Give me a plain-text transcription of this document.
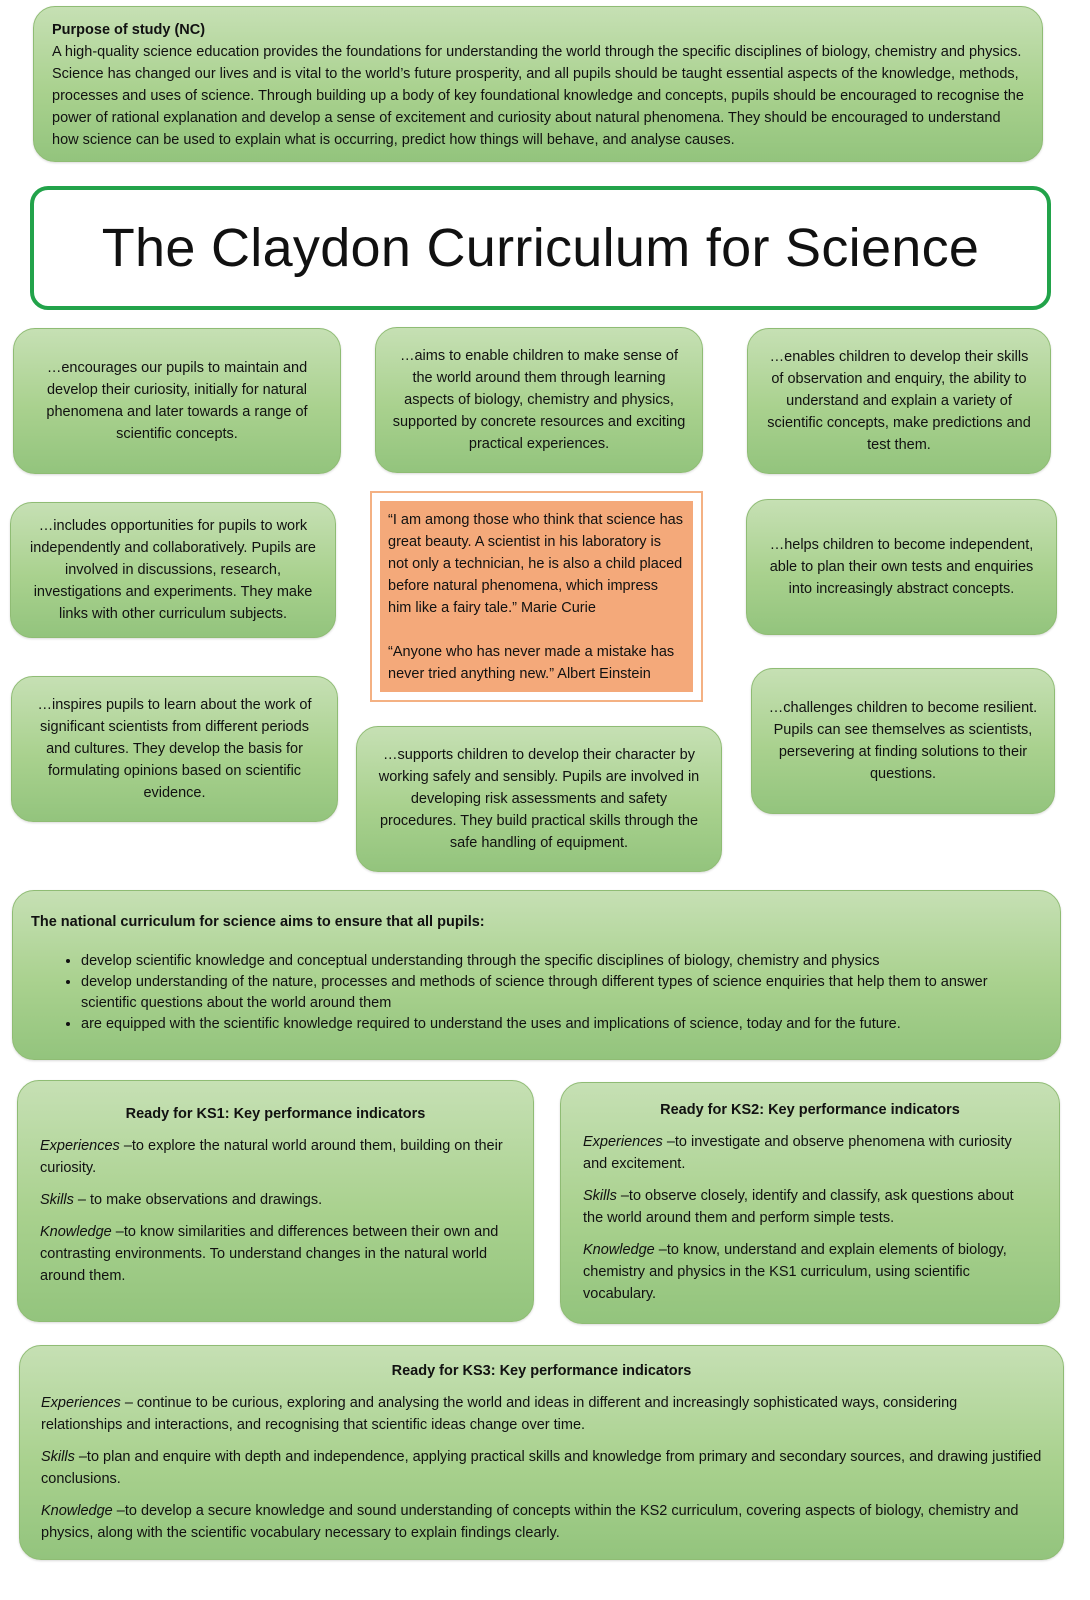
Purpose of study (NC)
A high-quality science education provides the foundations for understanding the world through the specific disciplines of biology, chemistry and physics. Science has changed our lives and is vital to the world’s future prosperity, and all pupils should be taught essential aspects of the knowledge, methods, processes and uses of science. Through building up a body of key foundational knowledge and concepts, pupils should be encouraged to recognise the power of rational explanation and develop a sense of excitement and curiosity about natural phenomena. They should be encouraged to understand how science can be used to explain what is occurring, predict how things will behave, and analyse causes.
The Claydon Curriculum for Science
…encourages our pupils to maintain and develop their curiosity, initially for natural phenomena and later towards a range of scientific concepts.
…aims to enable children to make sense of the world around them through learning aspects of biology, chemistry and physics, supported by concrete resources and exciting practical experiences.
…enables children to develop their skills of observation and enquiry, the ability to understand and explain a variety of scientific concepts, make predictions and test them.
…includes opportunities for pupils to work independently and collaboratively. Pupils are involved in discussions, research, investigations and experiments. They make links with other curriculum subjects.
…helps children to become independent, able to plan their own tests and enquiries into increasingly abstract concepts.
…inspires pupils to learn about the work of significant scientists from different periods and cultures. They develop the basis for formulating opinions based on scientific evidence.
…supports children to develop their character by working safely and sensibly. Pupils are involved in developing risk assessments and safety procedures. They build practical skills through the safe handling of equipment.
…challenges children to become resilient. Pupils can see themselves as scientists, persevering at finding solutions to their questions.

“I am among those who think that science has great beauty. A scientist in his laboratory is not only a technician, he is also a child placed before natural phenomena, which impress him like a fairy tale.” Marie Curie

“Anyone who has never made a mistake has never tried anything new.” Albert Einstein

The national curriculum for science aims to ensure that all pupils:
• develop scientific knowledge and conceptual understanding through the specific disciplines of biology, chemistry and physics
• develop understanding of the nature, processes and methods of science through different types of science enquiries that help them to answer scientific questions about the world around them
• are equipped with the scientific knowledge required to understand the uses and implications of science, today and for the future.
Ready for KS1: Key performance indicators

Experiences –to explore the natural world around them, building on their curiosity.

Skills – to make observations and drawings.

Knowledge –to know similarities and differences between their own and contrasting environments. To understand changes in the natural world around them.

Ready for KS2: Key performance indicators

Experiences –to investigate and observe phenomena with curiosity and excitement.

Skills –to observe closely, identify and classify, ask questions about the world around them and perform simple tests.

Knowledge –to know, understand and explain elements of biology, chemistry and physics in the KS1 curriculum, using scientific vocabulary.

Ready for KS3: Key performance indicators

Experiences – continue to be curious, exploring and analysing the world and ideas in different and increasingly sophisticated ways, considering relationships and interactions, and recognising that scientific ideas change over time.

Skills –to plan and enquire with depth and independence, applying practical skills and knowledge from primary and secondary sources, and drawing justified conclusions.

Knowledge –to develop a secure knowledge and sound understanding of concepts within the KS2 curriculum, covering aspects of biology, chemistry and physics, along with the scientific vocabulary necessary to explain findings clearly.
